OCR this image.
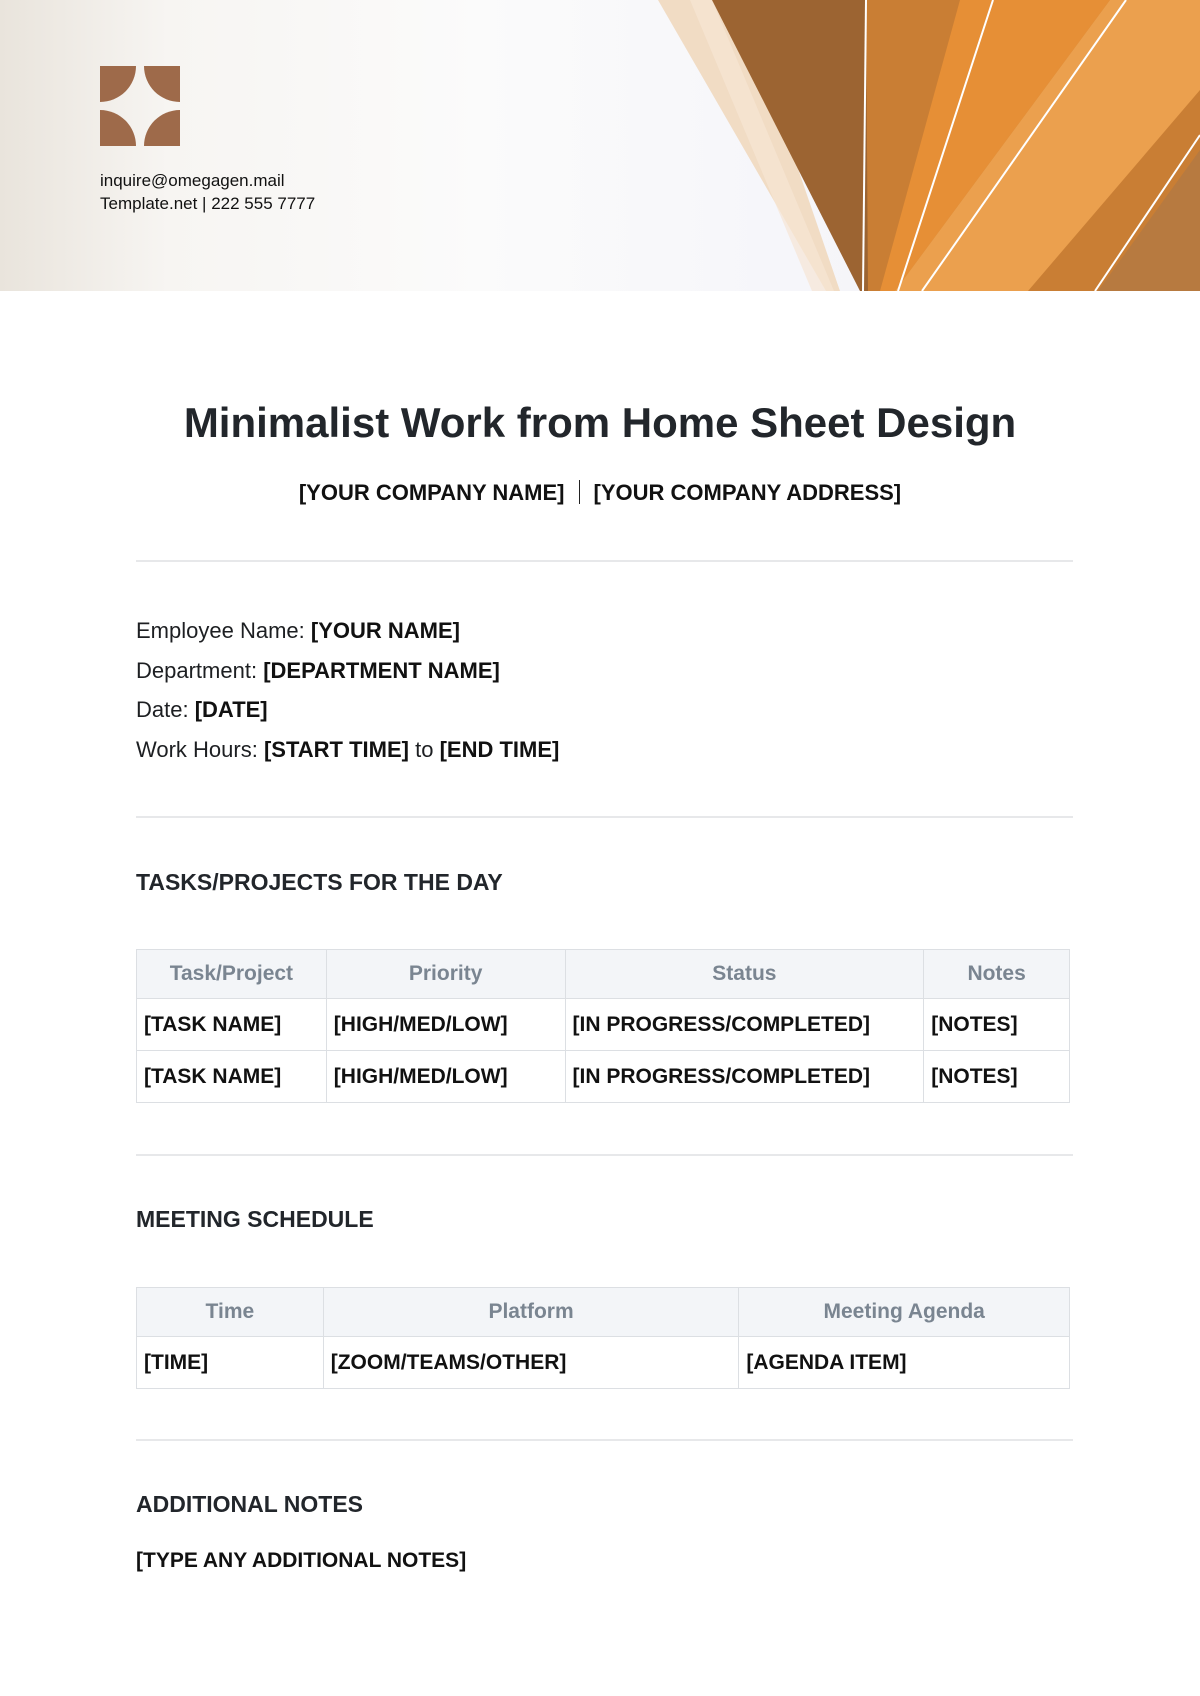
inquire@omegagen.mail
Template.net | 222 555 7777
Minimalist Work from Home Sheet Design
[YOUR COMPANY NAME] [YOUR COMPANY ADDRESS]
Employee Name: [YOUR NAME]
Department: [DEPARTMENT NAME]
Date: [DATE]
Work Hours: [START TIME] to [END TIME]
TASKS/PROJECTS FOR THE DAY
Task/Project	Priority	Status	Notes
[TASK NAME]	[HIGH/MED/LOW]	[IN PROGRESS/COMPLETED]	[NOTES]
[TASK NAME]	[HIGH/MED/LOW]	[IN PROGRESS/COMPLETED]	[NOTES]
MEETING SCHEDULE
Time	Platform	Meeting Agenda
[TIME]	[ZOOM/TEAMS/OTHER]	[AGENDA ITEM]
ADDITIONAL NOTES
[TYPE ANY ADDITIONAL NOTES]
